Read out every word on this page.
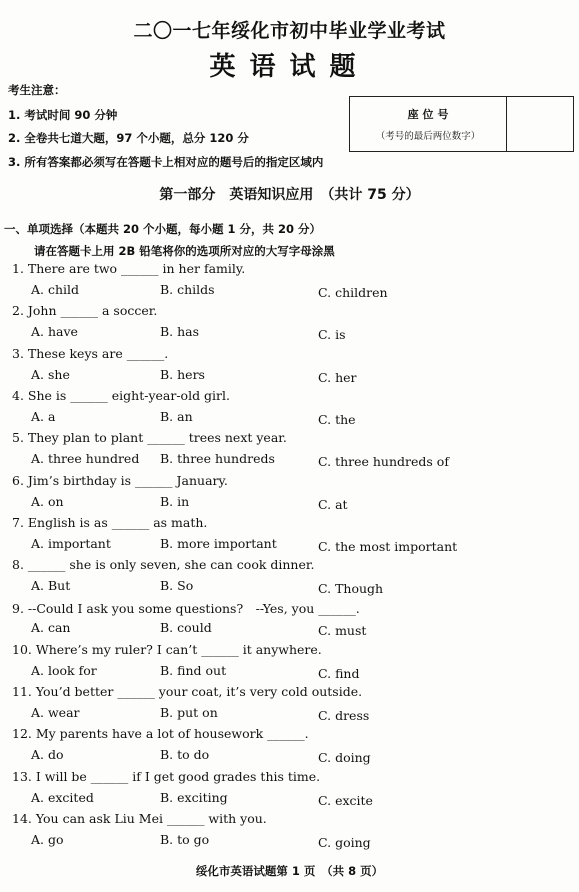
二〇一七年绥化市初中毕业学业考试
英语试题
考生注意：
1. 考试时间 90 分钟
2. 全卷共七道大题，97 个小题，总分 120 分
3. 所有答案都必须写在答题卡上相对应的题号后的指定区域内
座 位 号
（考号的最后两位数字）
第一部分　英语知识应用　（共计 75 分）
一、单项选择（本题共 20 个小题，每小题 1 分，共 20 分）
请在答题卡上用 2B 铅笔将你的选项所对应的大写字母涂黑
1. There are two ______ in her family.
A. child	B. childs	C. children
2. John ______ a soccer.
A. have	B. has	C. is
3. These keys are ______.
A. she	B. hers	C. her
4. She is ______ eight-year-old girl.
A. a	B. an	C. the
5. They plan to plant ______ trees next year.
A. three hundred B. three hundreds	C. three hundreds of
6. Jim’s birthday is ______ January.
A. on	B. in	C. at
7. English is as ______ as math.
A. important	B. more important	C. the most important
8. ______ she is only seven, she can cook dinner.
A. But	B. So	C. Though
9. --Could I ask you some questions?　--Yes, you ______.
A. can	B. could	C. must
10. Where’s my ruler? I can’t ______ it anywhere.
A. look for	B. find out	C. find
11. You’d better ______ your coat, it’s very cold outside.
A. wear	B. put on	C. dress
12. My parents have a lot of housework ______.
A. do	B. to do	C. doing
13. I will be ______ if I get good grades this time.
A. excited	B. exciting	C. excite
14. You can ask Liu Mei ______ with you.
A. go	B. to go	C. going
绥化市英语试题第 1 页　（共 8 页）
